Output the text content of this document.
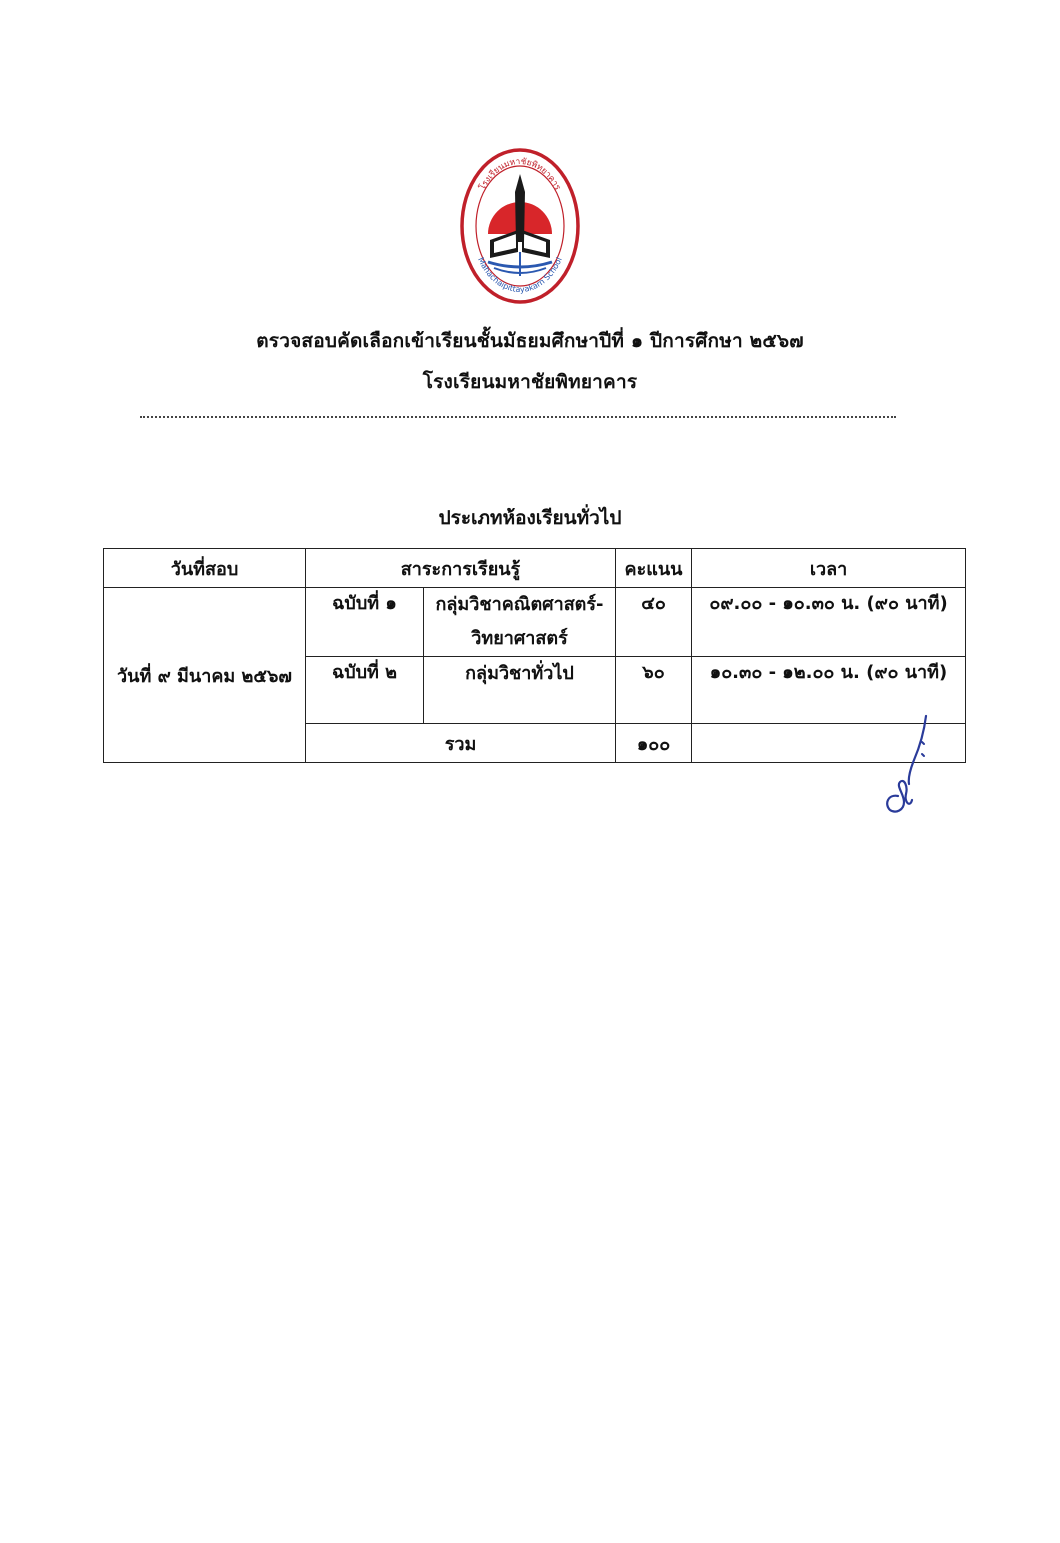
โรงเรียนมหาชัยพิทยาคาร
Mahachaipittayakarn School
ตรวจสอบคัดเลือกเข้าเรียนชั้นมัธยมศึกษาปีที่ ๑ ปีการศึกษา ๒๕๖๗
โรงเรียนมหาชัยพิทยาคาร
ประเภทห้องเรียนทั่วไป
วันที่สอบ	สาระการเรียนรู้		คะแนน	เวลา
วันที่ ๙ มีนาคม ๒๕๖๗	ฉบับที่ ๑	กลุ่มวิชาคณิตศาสตร์-
วิทยาศาสตร์	๔๐	๐๙.๐๐ - ๑๐.๓๐ น. (๙๐ นาที)
	ฉบับที่ ๒	กลุ่มวิชาทั่วไป	๖๐	๑๐.๓๐ - ๑๒.๐๐ น. (๙๐ นาที)
	รวม		๑๐๐	
